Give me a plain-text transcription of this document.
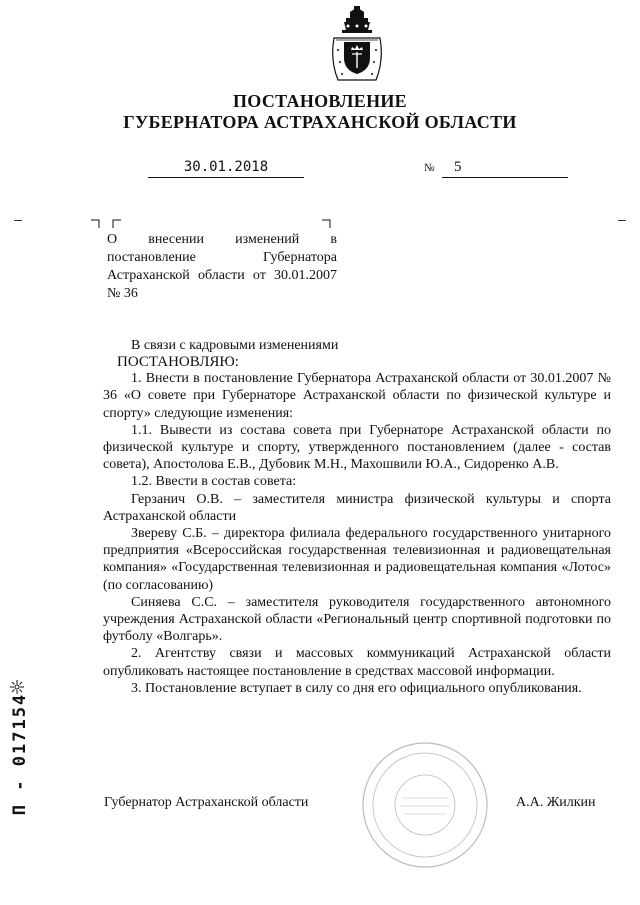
ПОСТАНОВЛЕНИЕ
ГУБЕРНАТОРА АСТРАХАНСКОЙ ОБЛАСТИ
30.01.2018	№	5
О внесении изменений в постановление Губернатора Астраханской области от 30.01.2007 № 36

В связи с кадровыми изменениями

ПОСТАНОВЛЯЮ:

1. Внести в постановление Губернатора Астраханской области от 30.01.2007 № 36 «О совете при Губернаторе Астраханской области по физической культуре и спорту» следующие изменения:

1.1. Вывести из состава совета при Губернаторе Астраханской области по физической культуре и спорту, утвержденного постановлением (далее - состав совета), Апостолова Е.В., Дубовик М.Н., Махошвили Ю.А., Сидоренко А.В.

1.2. Ввести в состав совета:

Герзанич О.В. – заместителя министра физической культуры и спорта Астраханской области

Звереву С.Б. – директора филиала федерального государственного унитарного предприятия «Всероссийская государственная телевизионная и радиовещательная компания» «Государственная телевизионная и радиовещательная компания «Лотос» (по согласованию)

Синяева С.С. – заместителя руководителя государственного автономного учреждения Астраханской области «Региональный центр спортивной подготовки по футболу «Волгарь».

2. Агентству связи и массовых коммуникаций Астраханской области опубликовать настоящее постановление в средствах массовой информации.

3. Постановление вступает в силу со дня его официального опубликования.

Губернатор Астраханской области	А.А. Жилкин
П - 017154
